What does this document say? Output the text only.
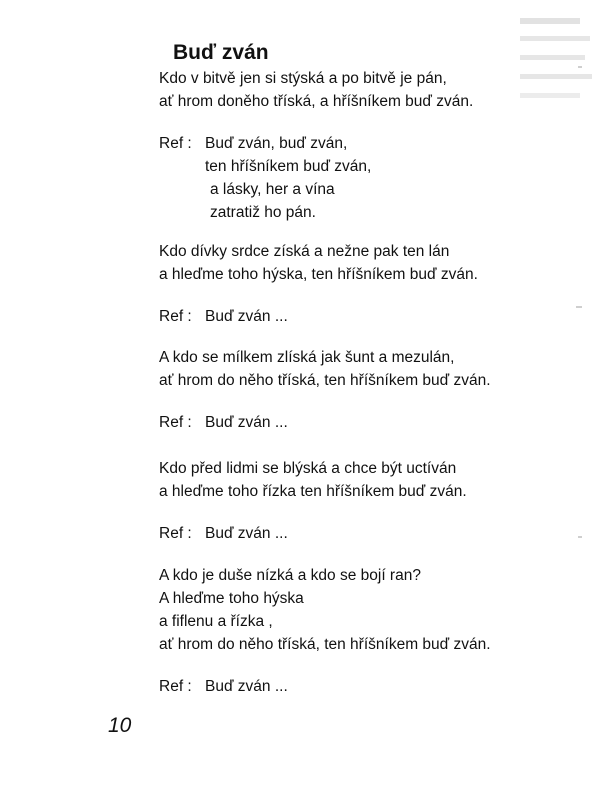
Buď zván
Kdo v bitvě jen si stýská a po bitvě je pán,
ať hrom doněho tříská, a hříšníkem buď zván.
Ref : Buď zván, buď zván,
ten hříšníkem buď zván,
a lásky, her a vína
zatratiž ho pán.
Kdo dívky srdce získá a nežne pak ten lán
a hleďme toho hýska, ten hříšníkem buď zván.
Ref : Buď zván ...
A kdo se mílkem zlíská jak šunt a mezulán,
ať hrom do něho tříská, ten hříšníkem buď zván.
Ref : Buď zván ...
Kdo před lidmi se blýská a chce být uctíván
a hleďme toho řízka ten hříšníkem buď zván.
Ref : Buď zván ...
A kdo je duše nízká a kdo se bojí ran?
A hleďme toho hýska
a fiflenu a řízka ,
ať hrom do něho tříská, ten hříšníkem buď zván.
Ref : Buď zván ...
10
